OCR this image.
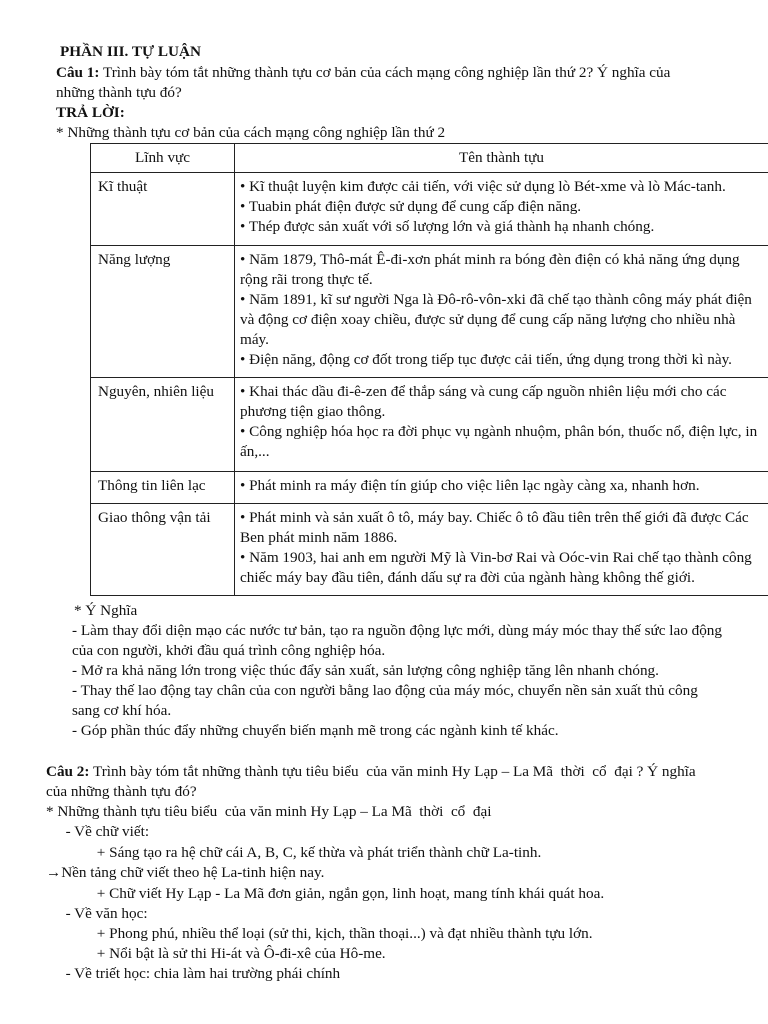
PHẦN III. TỰ LUẬN
Câu 1: Trình bày tóm tắt những thành tựu cơ bản của cách mạng công nghiệp lần thứ 2? Ý nghĩa của
những thành tựu đó?
TRẢ LỜI:
* Những thành tựu cơ bản của cách mạng công nghiệp lần thứ 2
Lĩnh vực	Tên thành tựu
Kĩ thuật	• Kĩ thuật luyện kim được cải tiến, với việc sử dụng lò Bét-xme và lò Mác-tanh.
• Tuabin phát điện được sử dụng để cung cấp điện năng.
• Thép được sản xuất với số lượng lớn và giá thành hạ nhanh chóng.

Năng lượng	• Năm 1879, Thô-mát Ê-đi-xơn phát minh ra bóng đèn điện có khả năng ứng dụng rộng rãi trong thực tế.
• Năm 1891, kĩ sư người Nga là Đô-rô-vôn-xki đã chế tạo thành công máy phát điện và động cơ điện xoay chiều, được sử dụng để cung cấp năng lượng cho nhiều nhà máy.
• Điện năng, động cơ đốt trong tiếp tục được cải tiến, ứng dụng trong thời kì này.

Nguyên, nhiên liệu	• Khai thác dầu đi-ê-zen để thắp sáng và cung cấp nguồn nhiên liệu mới cho các phương tiện giao thông.
• Công nghiệp hóa học ra đời phục vụ ngành nhuộm, phân bón, thuốc nổ, điện lực, in ấn,...

Thông tin liên lạc	• Phát minh ra máy điện tín giúp cho việc liên lạc ngày càng xa, nhanh hơn.

Giao thông vận tải	• Phát minh và sản xuất ô tô, máy bay. Chiếc ô tô đầu tiên trên thế giới đã được Các Ben phát minh năm 1886.
• Năm 1903, hai anh em người Mỹ là Vin-bơ Rai và Oóc-vin Rai chế tạo thành công chiếc máy bay đầu tiên, đánh dấu sự ra đời của ngành hàng không thế giới.
* Ý Nghĩa
- Làm thay đổi diện mạo các nước tư bản, tạo ra nguồn động lực mới, dùng máy móc thay thế sức lao động
của con người, khởi đầu quá trình công nghiệp hóa.
- Mở ra khả năng lớn trong việc thúc đẩy sản xuất, sản lượng công nghiệp tăng lên nhanh chóng.
- Thay thế lao động tay chân của con người bằng lao động của máy móc, chuyển nền sản xuất thủ công
sang cơ khí hóa.
- Góp phần thúc đẩy những chuyển biến mạnh mẽ trong các ngành kinh tế khác.
Câu 2: Trình bày tóm tắt những thành tựu tiêu biểu  của văn minh Hy Lạp – La Mã  thời  cổ  đại ? Ý nghĩa
của những thành tựu đó?
* Những thành tựu tiêu biểu  của văn minh Hy Lạp – La Mã  thời  cổ  đại
- Về chữ viết:
+ Sáng tạo ra hệ chữ cái A, B, C, kế thừa và phát triển thành chữ La-tinh.
→Nền tảng chữ viết theo hệ La-tinh hiện nay.
+ Chữ viết Hy Lạp - La Mã đơn giản, ngắn gọn, linh hoạt, mang tính khái quát hoa.
- Về văn học:
+ Phong phú, nhiều thể loại (sử thi, kịch, thần thoại...) và đạt nhiều thành tựu lớn.
+ Nổi bật là sử thi Hi-át và Ô-đi-xê của Hô-me.
- Về triết học: chia làm hai trường phái chính
